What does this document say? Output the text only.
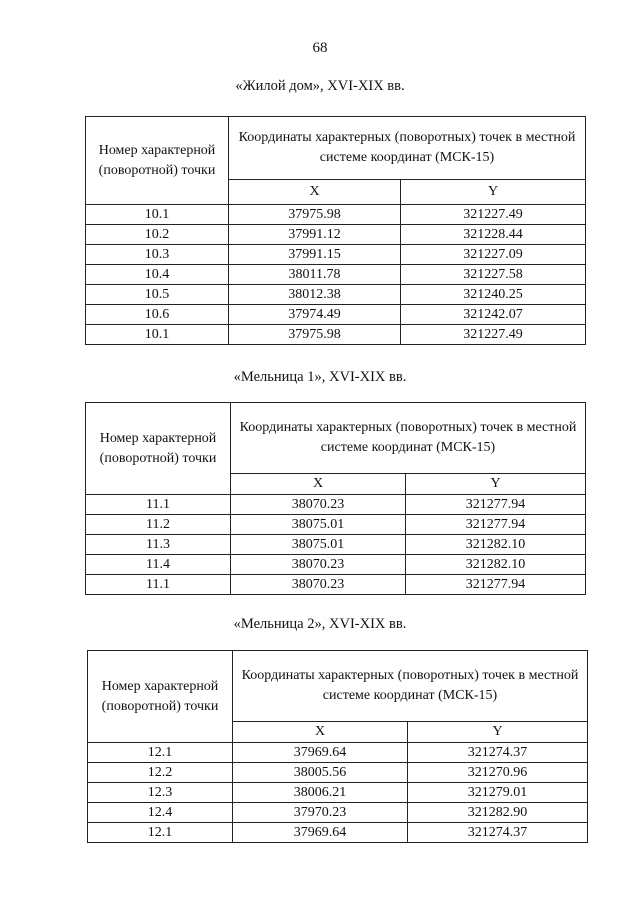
68
«Жилой дом», XVI-XIX вв.
Номер характерной (поворотной) точки	Координаты характерных (поворотных) точек в местной системе координат (МСК-15)	
	X	Y
10.1	37975.98	321227.49
10.2	37991.12	321228.44
10.3	37991.15	321227.09
10.4	38011.78	321227.58
10.5	38012.38	321240.25
10.6	37974.49	321242.07
10.1	37975.98	321227.49
«Мельница 1», XVI-XIX вв.
Номер характерной (поворотной) точки	Координаты характерных (поворотных) точек в местной системе координат (МСК-15)	
	X	Y
11.1	38070.23	321277.94
11.2	38075.01	321277.94
11.3	38075.01	321282.10
11.4	38070.23	321282.10
11.1	38070.23	321277.94
«Мельница 2», XVI-XIX вв.
Номер характерной (поворотной) точки	Координаты характерных (поворотных) точек в местной системе координат (МСК-15)	
	X	Y
12.1	37969.64	321274.37
12.2	38005.56	321270.96
12.3	38006.21	321279.01
12.4	37970.23	321282.90
12.1	37969.64	321274.37
